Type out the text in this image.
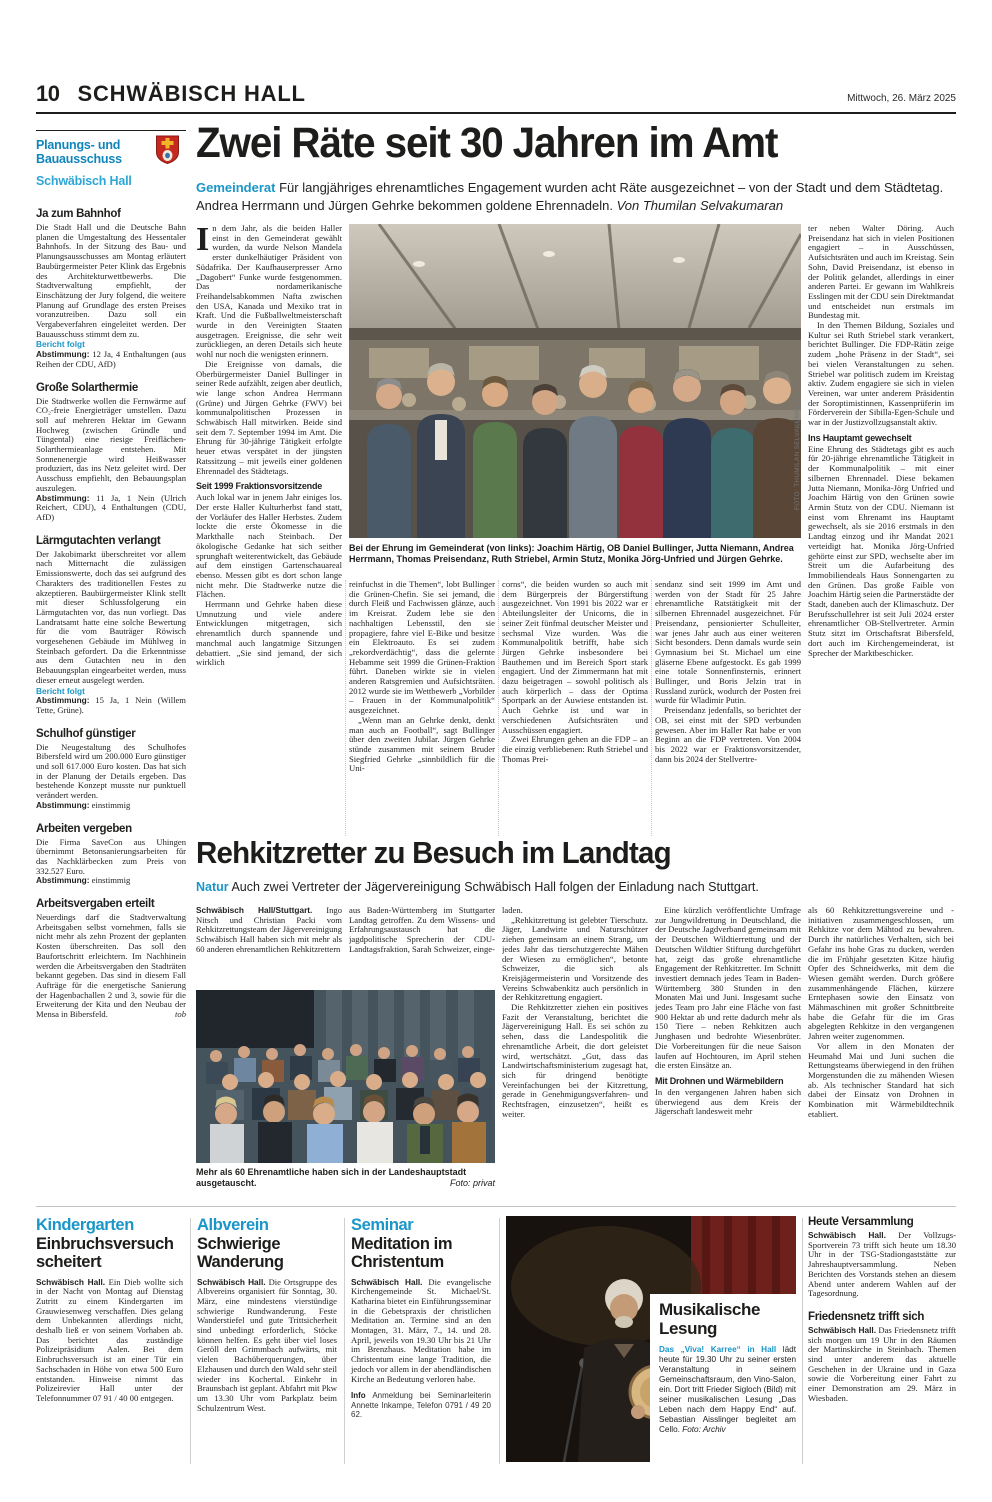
10 SCHWÄBISCH HALL	Mittwoch, 26. März 2025
Planungs- und
Bauausschuss
Schwäbisch Hall
Ja zum Bahnhof

Die Stadt Hall und die Deutsche Bahn planen die Umgestaltung des Hessentaler Bahnhofs. In der Sitzung des Bau- und Planungsausschusses am Montag erläutert Baubürgermeister Peter Klink das Ergebnis des Architekturwettbewerbs. Die Stadtverwaltung empfiehlt, der Einschätzung der Jury folgend, die weitere Planung auf Grundlage des ersten Preises voranzutreiben. Dazu soll ein Vergabeverfahren eingeleitet werden. Der Bauausschuss stimmt dem zu.

Bericht folgt

Abstimmung: 12 Ja, 4 Enthaltungen (aus Reihen der CDU, AfD)

Große Solarthermie

Die Stadtwerke wollen die Fernwärme auf CO₂-freie Energieträger umstellen. Dazu soll auf mehreren Hektar im Gewann Hochweg (zwischen Gründle und Tüngental) eine riesige Freiflächen-Solarthermieanlage entstehen. Mit Sonnenenergie wird Heißwasser produziert, das ins Netz geleitet wird. Der Ausschuss empfiehlt, den Bebauungsplan auszulegen.

Abstimmung: 11 Ja, 1 Nein (Ulrich Reichert, CDU), 4 Enthaltungen (CDU, AfD)

Lärmgutachten verlangt

Der Jakobimarkt überschreitet vor allem nach Mitternacht die zulässigen Emissionswerte, doch das sei aufgrund des Charakters des traditionellen Festes zu akzeptieren. Baubürgermeister Klink stellt mit dieser Schlussfolgerung ein Lärmgutachten vor, das nun vorliegt. Das Landratsamt hatte eine solche Bewertung für die vom Bauträger Röwisch vorgesehenen Gebäude im Mühlweg in Steinbach gefordert. Da die Erkenntnisse aus dem Gutachten neu in den Bebauungsplan eingearbeitet werden, muss dieser erneut ausgelegt werden.

Bericht folgt

Abstimmung: 15 Ja, 1 Nein (Willem Tette, Grüne).

Schulhof günstiger

Die Neugestaltung des Schulhofes Bibersfeld wird um 200.000 Euro günstiger und soll 617.000 Euro kosten. Das hat sich in der Planung der Details ergeben. Das bestehende Konzept musste nur punktuell verändert werden.

Abstimmung: einstimmig

Arbeiten vergeben

Die Firma SaveCon aus Uhingen übernimmt Betonsanierungsarbeiten für das Nachklärbecken zum Preis von 332.527 Euro.

Abstimmung: einstimmig

Arbeitsvergaben erteilt

Neuerdings darf die Stadtverwaltung Arbeitsgaben selbst vornehmen, falls sie nicht mehr als zehn Prozent der geplanten Kosten überschreiten. Das soll den Baufortschritt erleichtern. Im Nachhinein werden die Arbeitsvergaben den Stadträten bekannt gegeben. Das sind in diesem Fall Aufträge für die energetische Sanierung der Hagenbachallen 2 und 3, sowie für die Erweiterung der Kita und den Neubau der Mensa in Bibersfeld.	tob

Zwei Räte seit 30 Jahren im Amt
Gemeinderat Für langjähriges ehrenamtliches Engagement wurden acht Räte ausgezeichnet – von der Stadt und dem Städtetag. Andrea Herrmann und Jürgen Gehrke bekommen goldene Ehrennadeln. Von Thumilan Selvakumaran

In dem Jahr, als die beiden Haller einst in den Gemeinderat gewählt wurden, da wurde Nelson Mandela erster dunkelhäutiger Präsident von Südafrika. Der Kaufhauserpresser Arno „Dagobert“ Funke wurde festgenommen. Das nordamerikanische Freihandelsabkommen Nafta zwischen den USA, Kanada und Mexiko trat in Kraft. Und die Fußballweltmeisterschaft wurde in den Vereinigten Staaten ausgetragen. Ereignisse, die sehr weit zurückliegen, an deren Details sich heute wohl nur noch die wenigsten erinnern.

Die Ereignisse von damals, die Oberbürgermeister Daniel Bullinger in seiner Rede aufzählt, zeigen aber deutlich, wie lange schon Andrea Herrmann (Grüne) und Jürgen Gehrke (FWV) bei kommunalpolitischen Prozessen in Schwäbisch Hall mitwirken. Beide sind seit dem 7. September 1994 im Amt. Die Ehrung für 30-jährige Tätigkeit erfolgte heuer etwas verspätet in der jüngsten Ratssitzung – mit jeweils einer goldenen Ehrennadel des Städtetags.

Seit 1999 Fraktionsvorsitzende

Auch lokal war in jenem Jahr einiges los. Der erste Haller Kulturherbst fand statt, der Vorläufer des Haller Herbstes. Zudem lockte die erste Ökomesse in die Markthalle nach Steinbach. Der ökologische Gedanke hat sich seither sprunghaft weiterentwickelt, das Gebäude auf dem einstigen Gartenschauareal ebenso. Messen gibt es dort schon lange nicht mehr. Die Stadtwerke nutze die Flächen.

Herrmann und Gehrke haben diese Umnutzung und viele andere Entwicklungen mitgetragen, sich ehrenamtlich durch spannende und manchmal auch langatmige Sitzungen debattiert. „Sie sind jemand, der sich wirklich

FOTO: THUMILAN SELVAKUMARAN
Bei der Ehrung im Gemeinderat (von links): Joachim Härtig, OB Daniel Bullinger, Jutta Niemann, Andrea Herrmann, Thomas Preisendanz, Ruth Striebel, Armin Stutz, Monika Jörg-Unfried und Jürgen Gehrke.

reinfuchst in die Themen“, lobt Bullinger die Grünen-Chefin. Sie sei jemand, die durch Fleiß und Fachwissen glänze, auch im Kreisrat. Zudem lebe sie den nachhaltigen Lebensstil, den sie propagiere, fahre viel E-Bike und besitze ein Elektroauto. Es sei zudem „rekordverdächtig“, dass die gelernte Hebamme seit 1999 die Grünen-Fraktion führt. Daneben wirkte sie in vielen anderen Ratsgremien und Aufsichtsräten. 2012 wurde sie im Wettbewerb „Vorbilder – Frauen in der Kommunalpolitik“ ausgezeichnet.

„Wenn man an Gehrke denkt, denkt man auch an Football“, sagt Bullinger über den zweiten Jubilar. Jürgen Gehrke stünde zusammen mit seinem Bruder Siegfried Gehrke „sinnbildlich für die Uni-

corns“, die beiden wurden so auch mit dem Bürgerpreis der Bürgerstiftung ausgezeichnet. Von 1991 bis 2022 war er Abteilungsleiter der Unicorns, die in seiner Zeit fünfmal deutscher Meister und sechsmal Vize wurden. Was die Kommunalpolitik betrifft, habe sich Jürgen Gehrke insbesondere bei Bauthemen und im Bereich Sport stark engagiert. Und der Zimmermann hat mit dazu beigetragen – sowohl politisch als auch körperlich – dass der Optima Sportpark an der Auwiese entstanden ist. Auch Gehrke ist und war in verschiedenen Aufsichtsräten und Ausschüssen engagiert.

Zwei Ehrungen gehen an die FDP – an die einzig verbliebenen: Ruth Striebel und Thomas Prei-

sendanz sind seit 1999 im Amt und werden von der Stadt für 25 Jahre ehrenamtliche Ratstätigkeit mit der silbernen Ehrennadel ausgezeichnet. Für Preisendanz, pensionierter Schulleiter, war jenes Jahr auch aus einer weiteren Sicht besonders. Denn damals wurde sein Gymnasium bei St. Michael um eine gläserne Ebene aufgestockt. Es gab 1999 eine totale Sonnenfinsternis, erinnert Bullinger, und Boris Jelzin trat in Russland zurück, wodurch der Posten frei wurde für Wladimir Putin.

Preisendanz jedenfalls, so berichtet der OB, sei einst mit der SPD verbunden gewesen. Aber im Haller Rat habe er von Beginn an die FDP vertreten. Von 2004 bis 2022 war er Fraktionsvorsitzender, dann bis 2024 der Stellvertre-

ter neben Walter Döring. Auch Preisendanz hat sich in vielen Positionen engagiert – in Ausschüssen, Aufsichtsräten und auch im Kreistag. Sein Sohn, David Preisendanz, ist ebenso in der Politik gelandet, allerdings in einer anderen Partei. Er gewann im Wahlkreis Esslingen mit der CDU sein Direktmandat und entscheidet nun erstmals im Bundestag mit.

In den Themen Bildung, Soziales und Kultur sei Ruth Striebel stark verankert, berichtet Bullinger. Die FDP-Rätin zeige zudem „hohe Präsenz in der Stadt“, sei bei vielen Veranstaltungen zu sehen. Striebel war politisch zudem im Kreistag aktiv. Zudem engagiere sie sich in vielen Vereinen, war unter anderem Präsidentin der Soroptimistinnen, Kassenprüferin im Förderverein der Sibilla-Egen-Schule und war in der Justizvollzugsanstalt aktiv.

Ins Hauptamt gewechselt

Eine Ehrung des Städtetags gibt es auch für 20-jährige ehrenamtliche Tätigkeit in der Kommunalpolitik – mit einer silbernen Ehrennadel. Diese bekamen Jutta Niemann, Monika-Jörg Unfried und Joachim Härtig von den Grünen sowie Armin Stutz von der CDU. Niemann ist einst vom Ehrenamt ins Hauptamt gewechselt, als sie 2016 erstmals in den Landtag einzog und ihr Mandat 2021 verteidigt hat. Monika Jörg-Unfried gehörte einst zur SPD, wechselte aber im Streit um die Aufarbeitung des Immobiliendeals Haus Sonnengarten zu den Grünen. Das große Faible von Joachim Härtig seien die Partnerstädte der Stadt, daneben auch der Klimaschutz. Der Berufsschullehrer ist seit Juli 2024 erster ehrenamtlicher OB-Stellvertreter. Armin Stutz sitzt im Ortschaftsrat Bibersfeld, dort auch im Kirchengemeinderat, ist Sprecher der Marktbeschicker.

Rehkitzretter zu Besuch im Landtag
Natur Auch zwei Vertreter der Jägervereinigung Schwäbisch Hall folgen der Einladung nach Stuttgart.

Schwäbisch Hall/Stuttgart. Ingo Nitsch und Christian Packi vom Rehkitzrettungsteam der Jägervereinigung Schwäbisch Hall haben sich mit mehr als 60 anderen ehrenamtlichen Rehkitzrettern

Mehr als 60 Ehrenamtliche haben sich in der Landeshauptstadt ausgetauscht.	Foto: privat

aus Baden-Württemberg im Stuttgarter Landtag getroffen. Zu dem Wissens- und Erfahrungsaustausch hat die jagdpolitische Sprecherin der CDU-Landtagsfraktion, Sarah Schweizer, einge-

laden.

„Rehkitzrettung ist gelebter Tierschutz. Jäger, Landwirte und Naturschützer ziehen gemeinsam an einem Strang, um jedes Jahr das tierschutzgerechte Mähen der Wiesen zu ermöglichen“, betonte Schweizer, die sich als Kreisjägermeisterin und Vorsitzende des Vereins Schwabenkitz auch persönlich in der Rehkitzrettung engagiert.

Die Rehkitzretter ziehen ein positives Fazit der Veranstaltung, berichtet die Jägervereinigung Hall. Es sei schön zu sehen, dass die Landespolitik die ehrenamtliche Arbeit, die dort geleistet wird, wertschätzt. „Gut, dass das Landwirtschaftsministerium zugesagt hat, sich für dringend benötigte Vereinfachungen bei der Kitzrettung, gerade in Genehmigungsverfahren- und Rechtsfragen, einzusetzen“, heißt es weiter.

Eine kürzlich veröffentlichte Umfrage zur Jungwildrettung in Deutschland, die der Deutsche Jagdverband gemeinsam mit der Deutschen Wildtierrettung und der Deutschen Wildtier Stiftung durchgeführt hat, zeigt das große ehrenamtliche Engagement der Rehkitzretter. Im Schnitt investiert demnach jedes Team in Baden-Württemberg 380 Stunden in den Monaten Mai und Juni. Insgesamt suche jedes Team pro Jahr eine Fläche von fast 900 Hektar ab und rette dadurch mehr als 150 Tiere – neben Rehkitzen auch Junghasen und bedrohte Wiesenbrüter. Die Vorbereitungen für die neue Saison laufen auf Hochtouren, im April stehen die ersten Einsätze an.

Mit Drohnen und Wärmebildern

In den vergangenen Jahren haben sich überwiegend aus dem Kreis der Jägerschaft landesweit mehr

als 60 Rehkitzrettungsvereine und -initiativen zusammengeschlossen, um Rehkitze vor dem Mähtod zu bewahren. Durch ihr natürliches Verhalten, sich bei Gefahr ins hohe Gras zu ducken, werden die im Frühjahr gesetzten Kitze häufig Opfer des Schneidwerks, mit dem die Wiesen gemäht werden. Durch größere zusammenhängende Flächen, kürzere Erntephasen sowie den Einsatz von Mähmaschinen mit großer Schnittbreite habe die Gefahr für die im Gras abgelegten Rehkitze in den vergangenen Jahren weiter zugenommen.

Vor allem in den Monaten der Heumahd Mai und Juni suchen die Rettungsteams überwiegend in den frühen Morgenstunden die zu mähenden Wiesen ab. Als technischer Standard hat sich dabei der Einsatz von Drohnen in Kombination mit Wärmebildtechnik etabliert.

Kindergarten
Einbruchsversuch scheitert

Schwäbisch Hall. Ein Dieb wollte sich in der Nacht von Montag auf Dienstag Zutritt zu einem Kindergarten im Grauwiesenweg verschaffen. Dies gelang dem Unbekannten allerdings nicht, deshalb ließ er von seinem Vorhaben ab. Das berichtet das zuständige Polizeipräsidium Aalen. Bei dem Einbruchsversuch ist an einer Tür ein Sachschaden in Höhe von etwa 500 Euro entstanden. Hinweise nimmt das Polizeirevier Hall unter der Telefonnummer 07 91 / 40 00 entgegen.

Albverein
Schwierige Wanderung

Schwäbisch Hall. Die Ortsgruppe des Albvereins organisiert für Sonntag, 30. März, eine mindestens vierstündige schwierige Rundwanderung. Feste Wanderstiefel und gute Trittsicherheit sind unbedingt erforderlich, Stöcke können helfen. Es geht über viel loses Geröll den Grimmbach aufwärts, mit vielen Bachüberquerungen, über Elzhausen und durch den Wald sehr steil wieder ins Kochertal. Einkehr in Braunsbach ist geplant. Abfahrt mit Pkw um 13.30 Uhr vom Parkplatz beim Schulzentrum West.

Seminar
Meditation im Christentum

Schwäbisch Hall. Die evangelische Kirchengemeinde St. Michael/St. Katharina bietet ein Einführungsseminar in die Gebetspraxis der christlichen Meditation an. Termine sind an den Montagen, 31. März, 7., 14. und 28. April, jeweils von 19.30 Uhr bis 21 Uhr im Brenzhaus. Meditation habe im Christentum eine lange Tradition, die jedoch vor allem in der abendländischen Kirche an Bedeutung verloren habe.

Info Anmeldung bei Seminarleiterin Annette Inkampe, Telefon 0791 / 49 20 62.
Musikalische Lesung
Das „Viva! Karree“ in Hall lädt heute für 19.30 Uhr zu seiner ersten Veranstaltung in seinem Gemeinschaftsraum, den Vino-Salon, ein. Dort tritt Frieder Sigloch (Bild) mit seiner musikalischen Lesung „Das Leben nach dem Happy End“ auf. Sebastian Aisslinger begleitet am Cello. Foto: Archiv
Heute Versammlung

Schwäbisch Hall. Der Vollzugs-Sportverein 73 trifft sich heute um 18.30 Uhr in der TSG-Stadiongaststätte zur Jahreshauptversammlung. Neben Berichten des Vorstands stehen an diesem Abend unter anderem Wahlen auf der Tagesordnung.

Friedensnetz trifft sich

Schwäbisch Hall. Das Friedensnetz trifft sich morgen um 19 Uhr in den Räumen der Martinskirche in Steinbach. Themen sind unter anderem das aktuelle Geschehen in der Ukraine und in Gaza sowie die Vorbereitung einer Fahrt zu einer Demonstration am 29. März in Wiesbaden.
